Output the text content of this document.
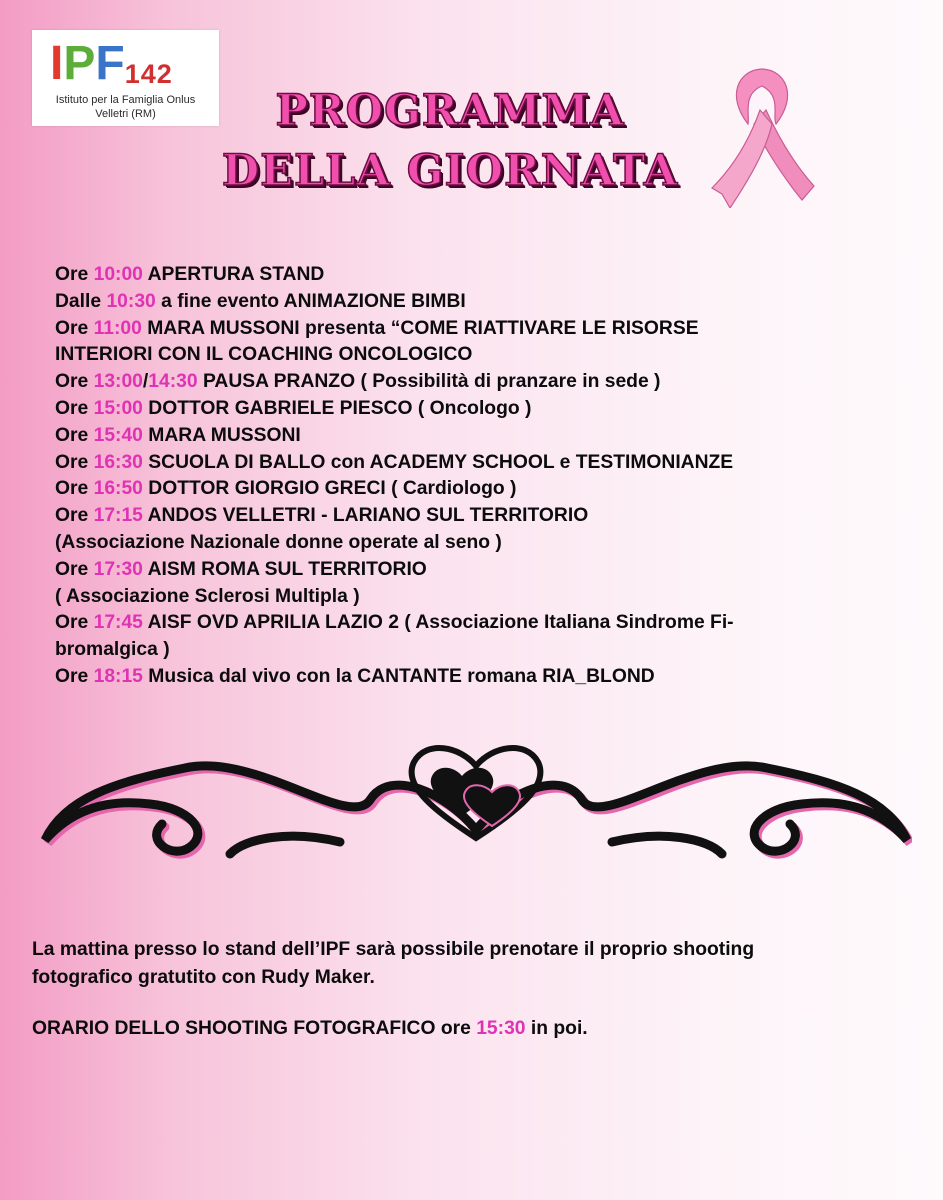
IPF142
Istituto per la Famiglia Onlus
Velletri (RM)	PROGRAMMA
DELLA GIORNATA
Ore 10:00 APERTURA STAND
Dalle 10:30 a fine evento ANIMAZIONE BIMBI
Ore 11:00 MARA MUSSONI presenta “COME RIATTIVARE LE RISORSE
INTERIORI CON IL COACHING ONCOLOGICO
Ore 13:00/14:30 PAUSA PRANZO ( Possibilità di pranzare in sede )
Ore 15:00 DOTTOR GABRIELE PIESCO ( Oncologo )
Ore 15:40 MARA MUSSONI
Ore 16:30 SCUOLA DI BALLO con ACADEMY SCHOOL e TESTIMONIANZE
Ore 16:50 DOTTOR GIORGIO GRECI ( Cardiologo )
Ore 17:15 ANDOS VELLETRI - LARIANO SUL TERRITORIO
(Associazione Nazionale donne operate al seno )
Ore 17:30 AISM ROMA SUL TERRITORIO
( Associazione Sclerosi Multipla )
Ore 17:45 AISF OVD APRILIA LAZIO 2 ( Associazione Italiana Sindrome Fi-
bromalgica )
Ore 18:15 Musica dal vivo con la CANTANTE romana RIA_BLOND
La mattina presso lo stand dell’IPF sarà possibile prenotare il proprio shooting
fotografico gratutito con Rudy Maker.
ORARIO DELLO SHOOTING FOTOGRAFICO ore 15:30 in poi.
